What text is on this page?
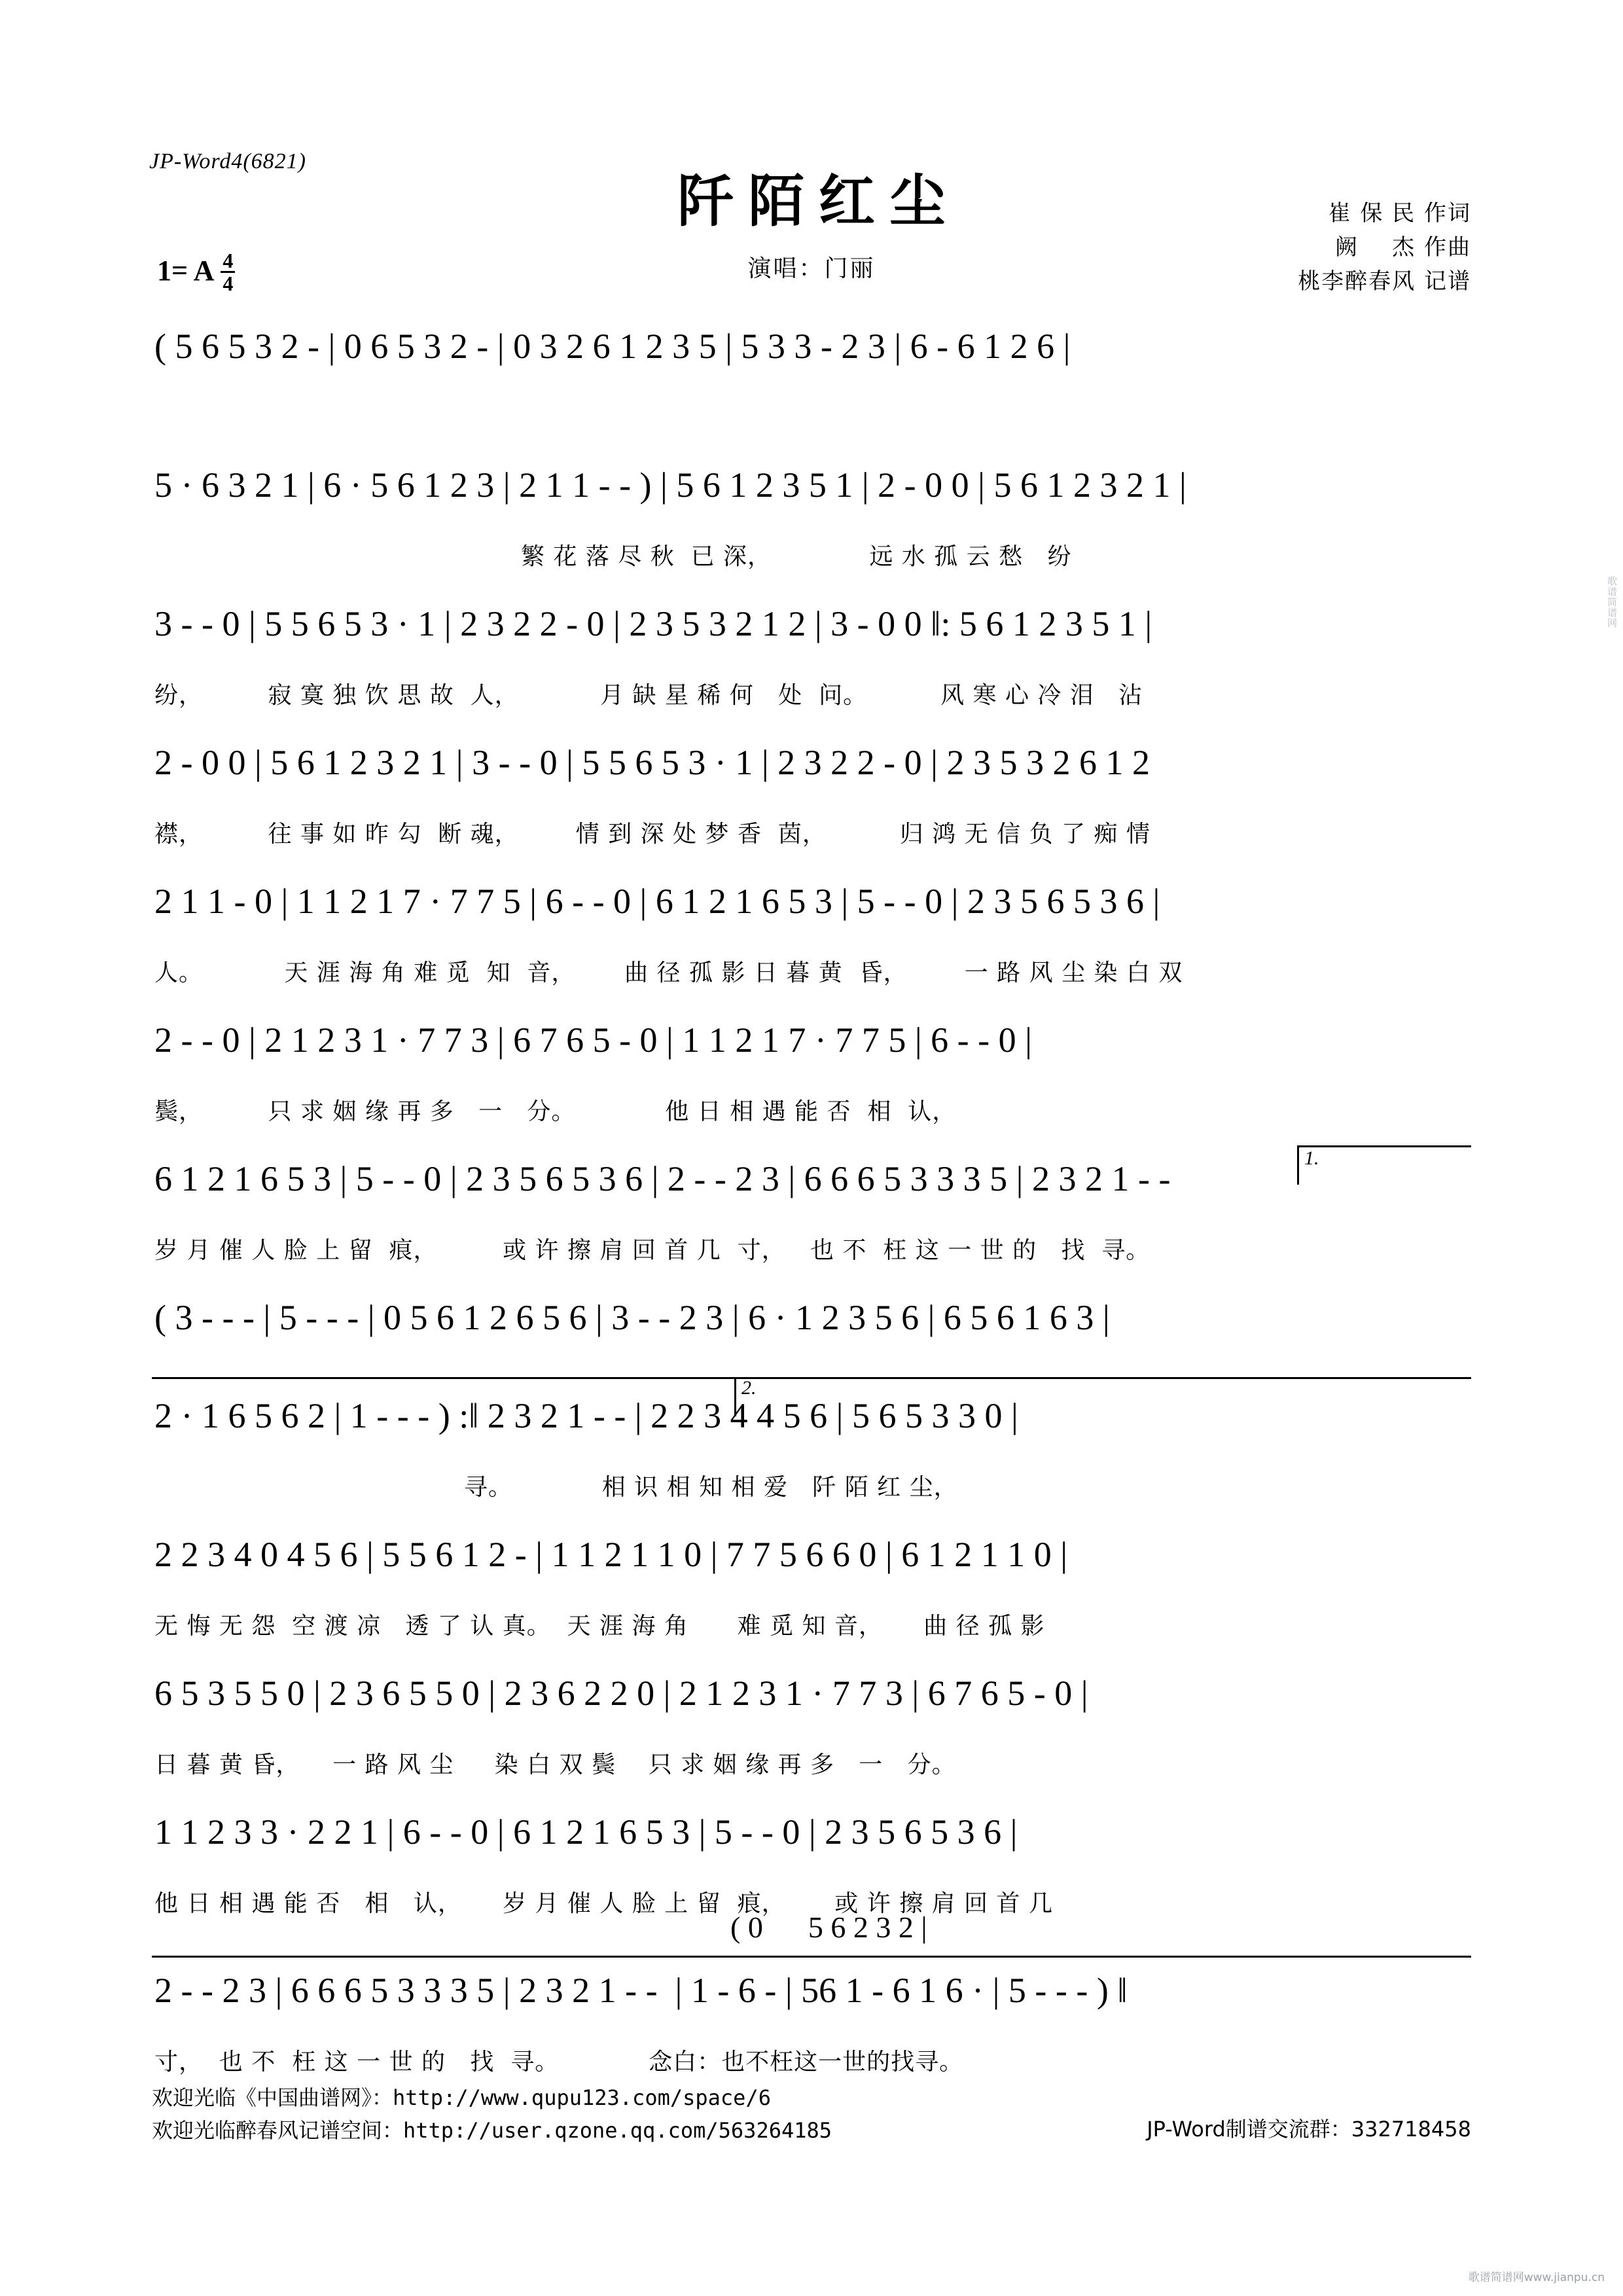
JP-Word4(6821)
阡陌红尘
演唱：门丽
崔 保 民 作词
阙    杰 作曲
桃李醉春风 记谱
1= A $\frac{4}{4}$
( 5 6 5 3 2 - | 0 6 5 3 2 - | 0 3 2 6 1 2 3 5 | 5 3 3 - 2 3 | 6 - 6 1 2 6 |
5 · 6 3 2 1 | 6 · 5 6 1 2 3 | 2 1 1 - - ) | 5 6 1 2 3 5 1 | 2 - 0 0 | 5 6 1 2 3 2 1 |
繁 花 落 尽 秋  已 深，            远 水 孤 云 愁   纷
3 - - 0 | 5 5 6 5 3 · 1 | 2 3 2 2 - 0 | 2 3 5 3 2 1 2 | 3 - 0 0 ‖: 5 6 1 2 3 5 1 |
纷，        寂 寞 独 饮 思 故  人，          月 缺 星 稀 何   处  问。         风 寒 心 冷 泪   沾
2 - 0 0 | 5 6 1 2 3 2 1 | 3 - - 0 | 5 5 6 5 3 · 1 | 2 3 2 2 - 0 | 2 3 5 3 2 6 1 2
襟，        往 事 如 昨 勾  断 魂，       情 到 深 处 梦 香  茵，         归 鸿 无 信 负 了 痴 情
2 1 1 - 0 | 1 1 2 1 7 · 7 7 5 | 6 - - 0 | 6 1 2 1 6 5 3 | 5 - - 0 | 2 3 5 6 5 3 6 |
人。          天 涯 海 角 难 觅  知  音，      曲 径 孤 影 日 暮 黄  昏，       一 路 风 尘 染 白 双
2 - - 0 | 2 1 2 3 1 · 7 7 3 | 6 7 6 5 - 0 | 1 1 2 1 7 · 7 7 5 | 6 - - 0 |
鬓，        只 求 姻 缘 再 多   一   分。           他 日 相 遇 能 否  相  认，
1.
6 1 2 1 6 5 3 | 5 - - 0 | 2 3 5 6 5 3 6 | 2 - - 2 3 | 6 6 6 5 3 3 3 5 | 2 3 2 1 - -
岁 月 催 人 脸 上 留  痕，        或 许 擦 肩 回 首 几  寸，   也 不  枉 这 一 世 的   找  寻。
( 3 - - - | 5 - - - | 0 5 6 1 2 6 5 6 | 3 - - 2 3 | 6 · 1 2 3 5 6 | 6 5 6 1 6 3 |
2.
2 · 1 6 5 6 2 | 1 - - - ) :‖ 2 3 2 1 - - | 2 2 3 4 4 5 6 | 5 6 5 3 3 0 |
寻。           相 识 相 知 相 爱   阡 陌 红 尘，
2 2 3 4 0 4 5 6 | 5 5 6 1 2 - | 1 1 2 1 1 0 | 7 7 5 6 6 0 | 6 1 2 1 1 0 |
无 悔 无 怨  空 渡 凉   透 了 认 真。  天 涯 海 角      难 觅 知 音，     曲 径 孤 影
6 5 3 5 5 0 | 2 3 6 5 5 0 | 2 3 6 2 2 0 | 2 1 2 3 1 · 7 7 3 | 6 7 6 5 - 0 |
日 暮 黄 昏，    一 路 风 尘     染 白 双 鬓    只 求 姻 缘 再 多   一   分。
1 1 2 3 3 · 2 2 1 | 6 - - 0 | 6 1 2 1 6 5 3 | 5 - - 0 | 2 3 5 6 5 3 6 |
他 日 相 遇 能 否   相   认，     岁 月 催 人 脸 上 留  痕，      或 许 擦 肩 回 首 几
( 0      5 6 2 3 2 |
2 - - 2 3 | 6 6 6 5 3 3 3 5 | 2 3 2 1 - -  | 1 - 6 - | 56 1 - 6 1 6 · | 5 - - - ) ‖
寸，  也 不  枉 这 一 世 的   找  寻。           念白：也不枉这一世的找寻。
欢迎光临《中国曲谱网》：http://www.qupu123.com/space/6
欢迎光临醉春风记谱空间：http://user.qzone.qq.com/563264185	JP-Word制谱交流群：332718458
歌谱简谱网
歌谱简谱网www.jianpu.cn
